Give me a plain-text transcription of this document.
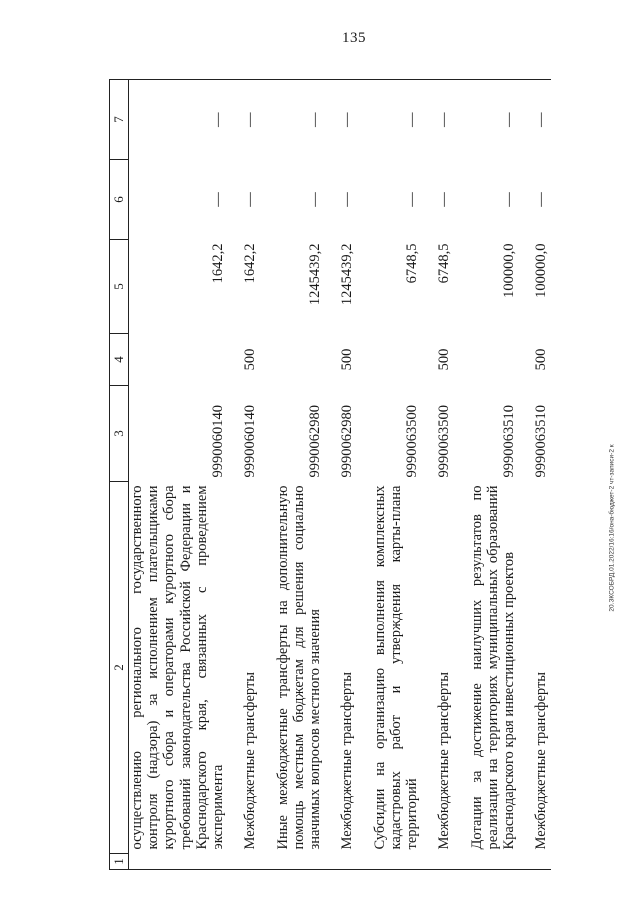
135
20.ЗКСОБРД.01.2022/16:16/она-бюджет-2 чт-записи-2 к
1	2	3	4	5	6	7
	осуществлению регионального государственного контроля (надзора) за исполнением плательщиками курортного сбора и операторами курортного сбора требований законодательства Российской Федерации и Краснодарского края, связанных с проведением эксперимента	9990060140		1642,2	—	—

	Межбюджетные трансферты	9990060140	500	1642,2	—	—

	Иные межбюджетные трансферты на дополнительную помощь местным бюджетам для решения социально значимых вопросов местного значения	9990062980		1245439,2	—	—

	Межбюджетные трансферты	9990062980	500	1245439,2	—	—

	Субсидии на организацию выполнения комплексных кадастровых работ и утверждения карты-плана территорий	9990063500		6748,5	—	—

	Межбюджетные трансферты	9990063500	500	6748,5	—	—

	Дотации за достижение наилучших результатов по реализации на территориях муниципальных образований Краснодарского края инвестиционных проектов	9990063510		100000,0	—	—

	Межбюджетные трансферты	9990063510	500	100000,0	—	—
